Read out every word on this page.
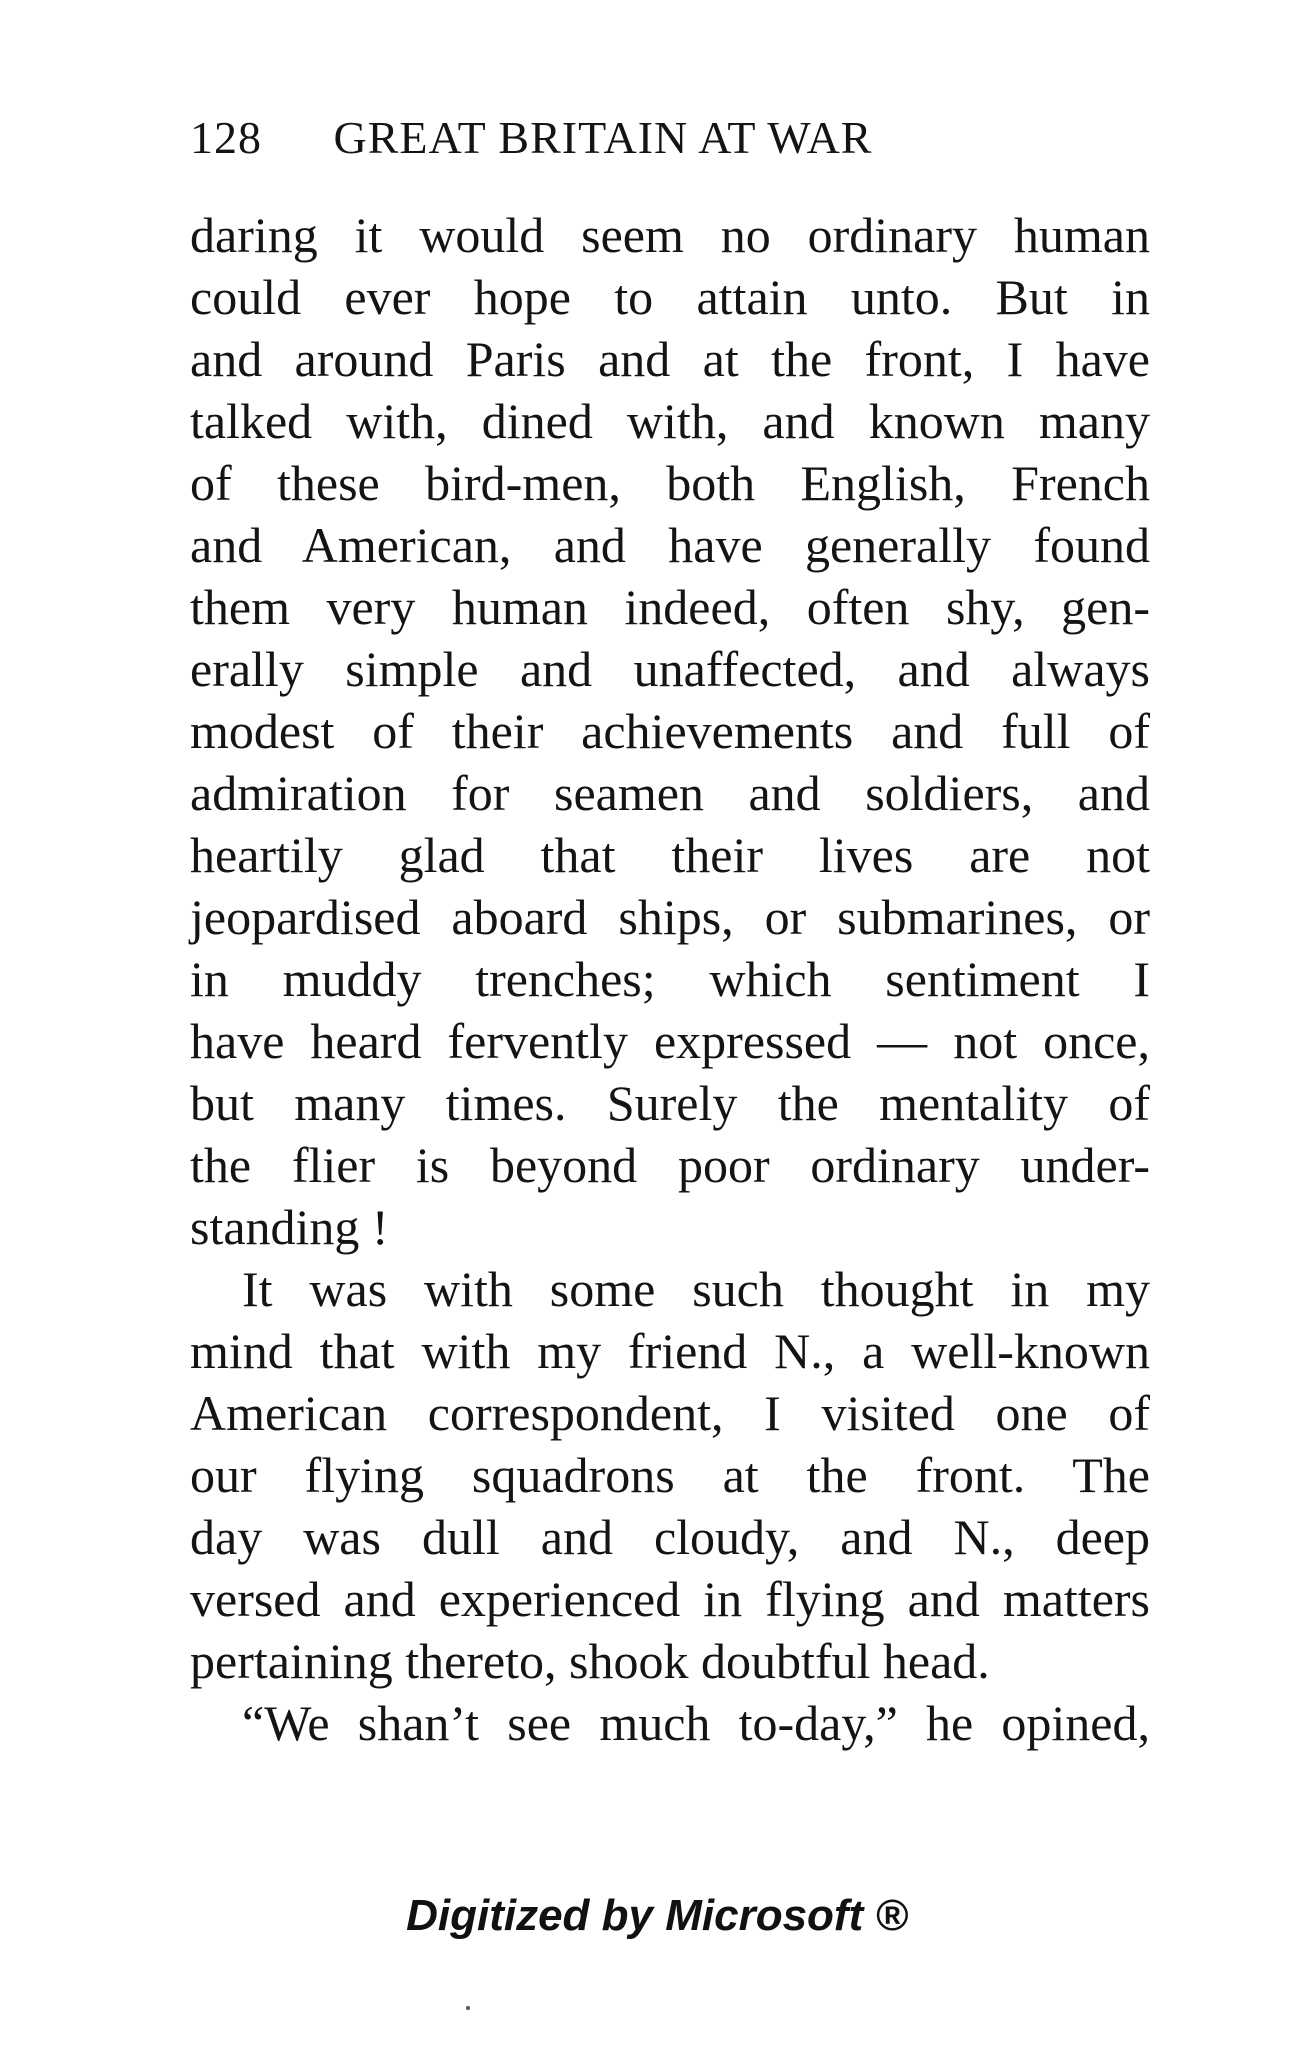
128 GREAT BRITAIN AT WAR
daring it would seem no ordinary human
could ever hope to attain unto. But in
and around Paris and at the front, I have
talked with, dined with, and known many
of these bird-men, both English, French
and American, and have generally found
them very human indeed, often shy, gen-
erally simple and unaffected, and always
modest of their achievements and full of
admiration for seamen and soldiers, and
heartily glad that their lives are not
jeopardised aboard ships, or submarines, or
in muddy trenches; which sentiment I
have heard fervently expressed — not once,
but many times. Surely the mentality of
the flier is beyond poor ordinary under-
standing !
It was with some such thought in my
mind that with my friend N., a well-known
American correspondent, I visited one of
our flying squadrons at the front. The
day was dull and cloudy, and N., deep
versed and experienced in flying and matters
pertaining thereto, shook doubtful head.
“We shan’t see much to-day,” he opined,
Digitized by Microsoft ®
